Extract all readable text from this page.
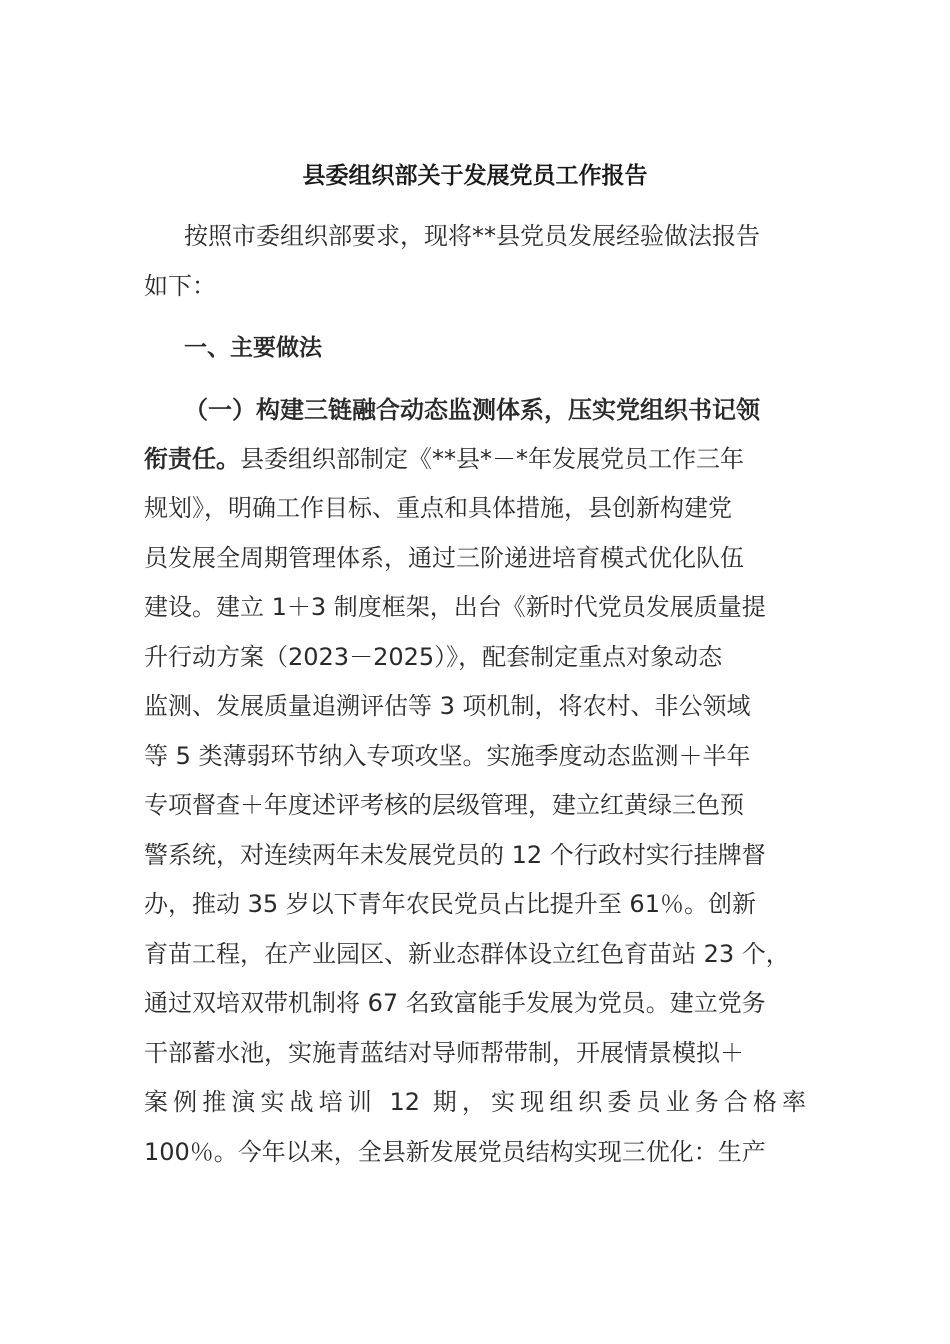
县委组织部关于发展党员工作报告
按照市委组织部要求，现将**县党员发展经验做法报告
如下：
一、主要做法
（一）构建三链融合动态监测体系，压实党组织书记领
衔责任。县委组织部制定《**县*－*年发展党员工作三年
规划》，明确工作目标、重点和具体措施，县创新构建党
员发展全周期管理体系，通过三阶递进培育模式优化队伍
建设。建立 1＋3 制度框架，出台《新时代党员发展质量提
升行动方案（2023－2025）》，配套制定重点对象动态
监测、发展质量追溯评估等 3 项机制，将农村、非公领域
等 5 类薄弱环节纳入专项攻坚。实施季度动态监测＋半年
专项督查＋年度述评考核的层级管理，建立红黄绿三色预
警系统，对连续两年未发展党员的 12 个行政村实行挂牌督
办，推动 35 岁以下青年农民党员占比提升至 61％。创新
育苗工程，在产业园区、新业态群体设立红色育苗站 23 个，
通过双培双带机制将 67 名致富能手发展为党员。建立党务
干部蓄水池，实施青蓝结对导师帮带制，开展情景模拟＋
案例推演实战培训 12 期，实现组织委员业务合格率
100％。今年以来，全县新发展党员结构实现三优化：生产
